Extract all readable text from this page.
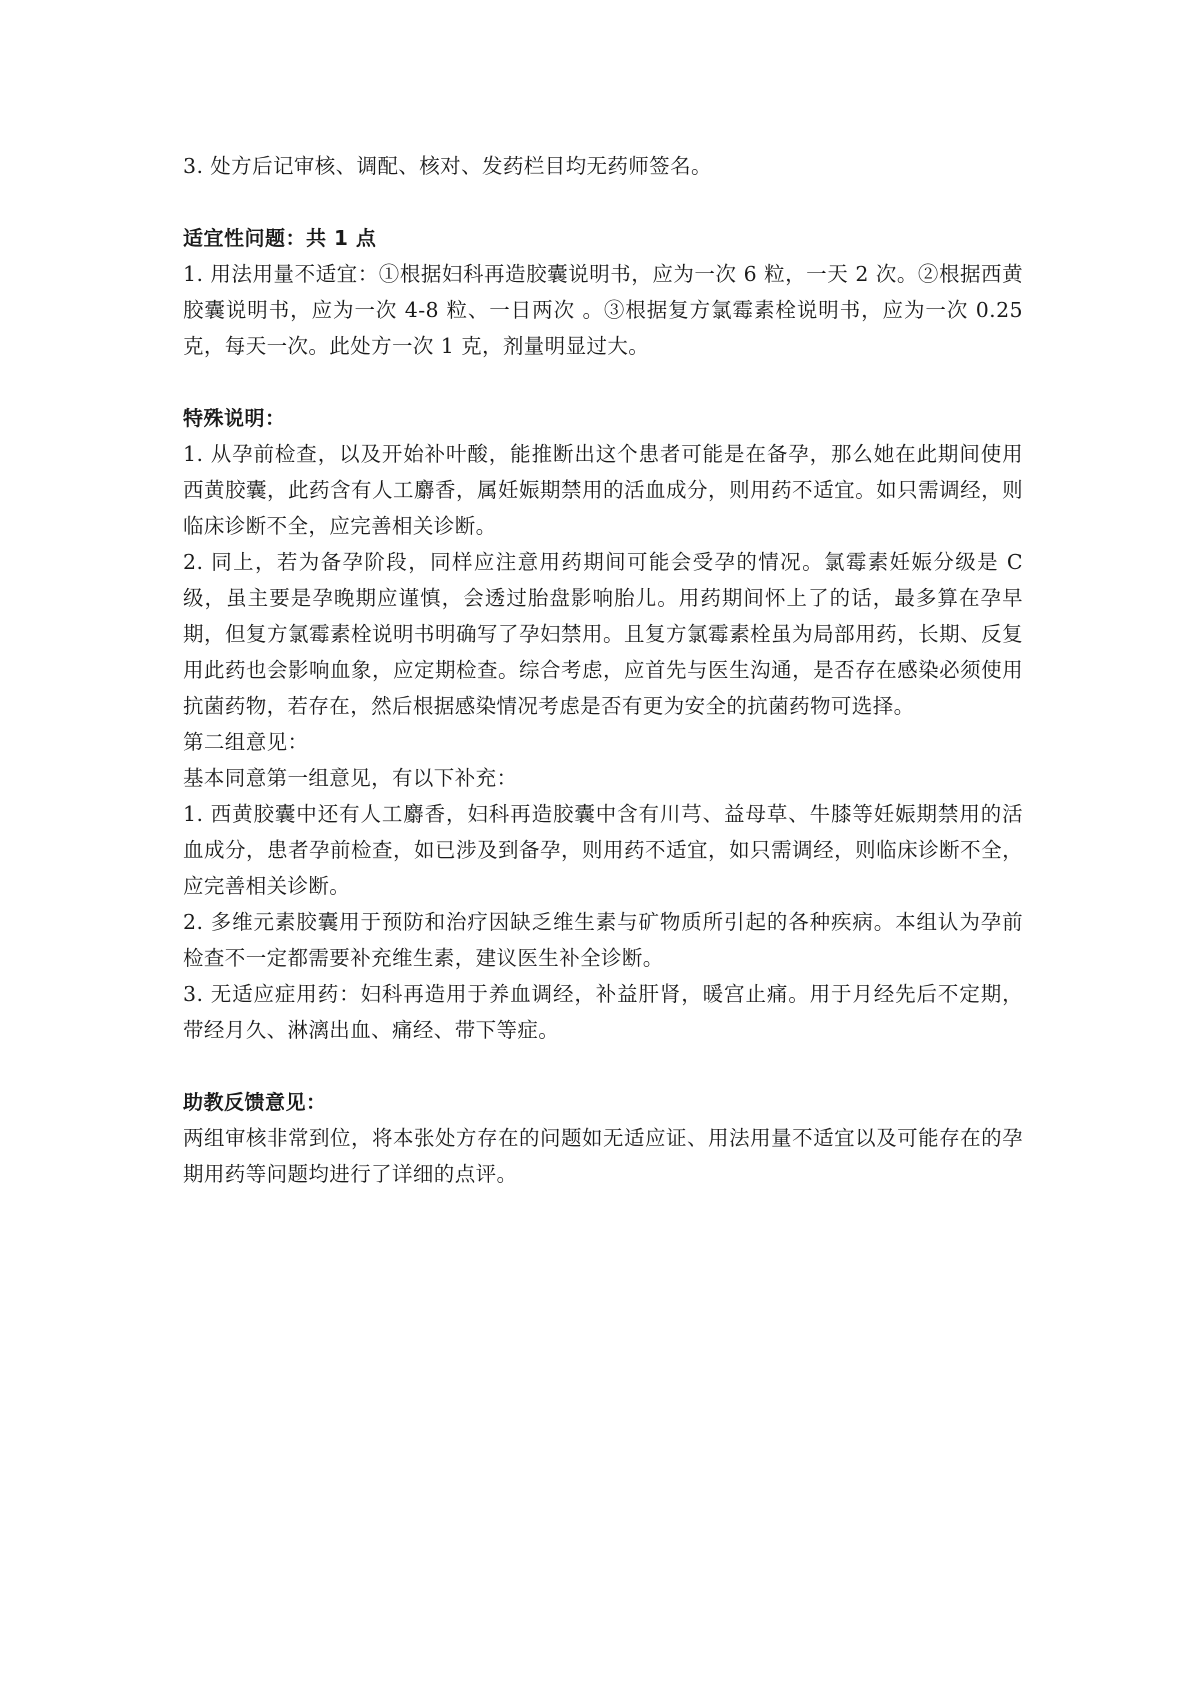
3. 处方后记审核、调配、核对、发药栏目均无药师签名。

适宜性问题：共 1 点

1. 用法用量不适宜：①根据妇科再造胶囊说明书，应为一次 6 粒，一天 2 次。②根据西黄胶囊说明书，应为一次 4-8 粒、一日两次 。③根据复方氯霉素栓说明书，应为一次 0.25 克，每天一次。此处方一次 1 克，剂量明显过大。

特殊说明：

1. 从孕前检查，以及开始补叶酸，能推断出这个患者可能是在备孕，那么她在此期间使用西黄胶囊，此药含有人工麝香，属妊娠期禁用的活血成分，则用药不适宜。如只需调经，则临床诊断不全，应完善相关诊断。

2. 同上，若为备孕阶段，同样应注意用药期间可能会受孕的情况。氯霉素妊娠分级是 C 级，虽主要是孕晚期应谨慎，会透过胎盘影响胎儿。用药期间怀上了的话，最多算在孕早期，但复方氯霉素栓说明书明确写了孕妇禁用。且复方氯霉素栓虽为局部用药，长期、反复用此药也会影响血象，应定期检查。综合考虑，应首先与医生沟通，是否存在感染必须使用抗菌药物，若存在，然后根据感染情况考虑是否有更为安全的抗菌药物可选择。

第二组意见：

基本同意第一组意见，有以下补充：

1. 西黄胶囊中还有人工麝香，妇科再造胶囊中含有川芎、益母草、牛膝等妊娠期禁用的活血成分，患者孕前检查，如已涉及到备孕，则用药不适宜，如只需调经，则临床诊断不全，应完善相关诊断。

2. 多维元素胶囊用于预防和治疗因缺乏维生素与矿物质所引起的各种疾病。本组认为孕前检查不一定都需要补充维生素，建议医生补全诊断。

3. 无适应症用药：妇科再造用于养血调经，补益肝肾，暖宫止痛。用于月经先后不定期，带经月久、淋漓出血、痛经、带下等症。

助教反馈意见：

两组审核非常到位，将本张处方存在的问题如无适应证、用法用量不适宜以及可能存在的孕期用药等问题均进行了详细的点评。
